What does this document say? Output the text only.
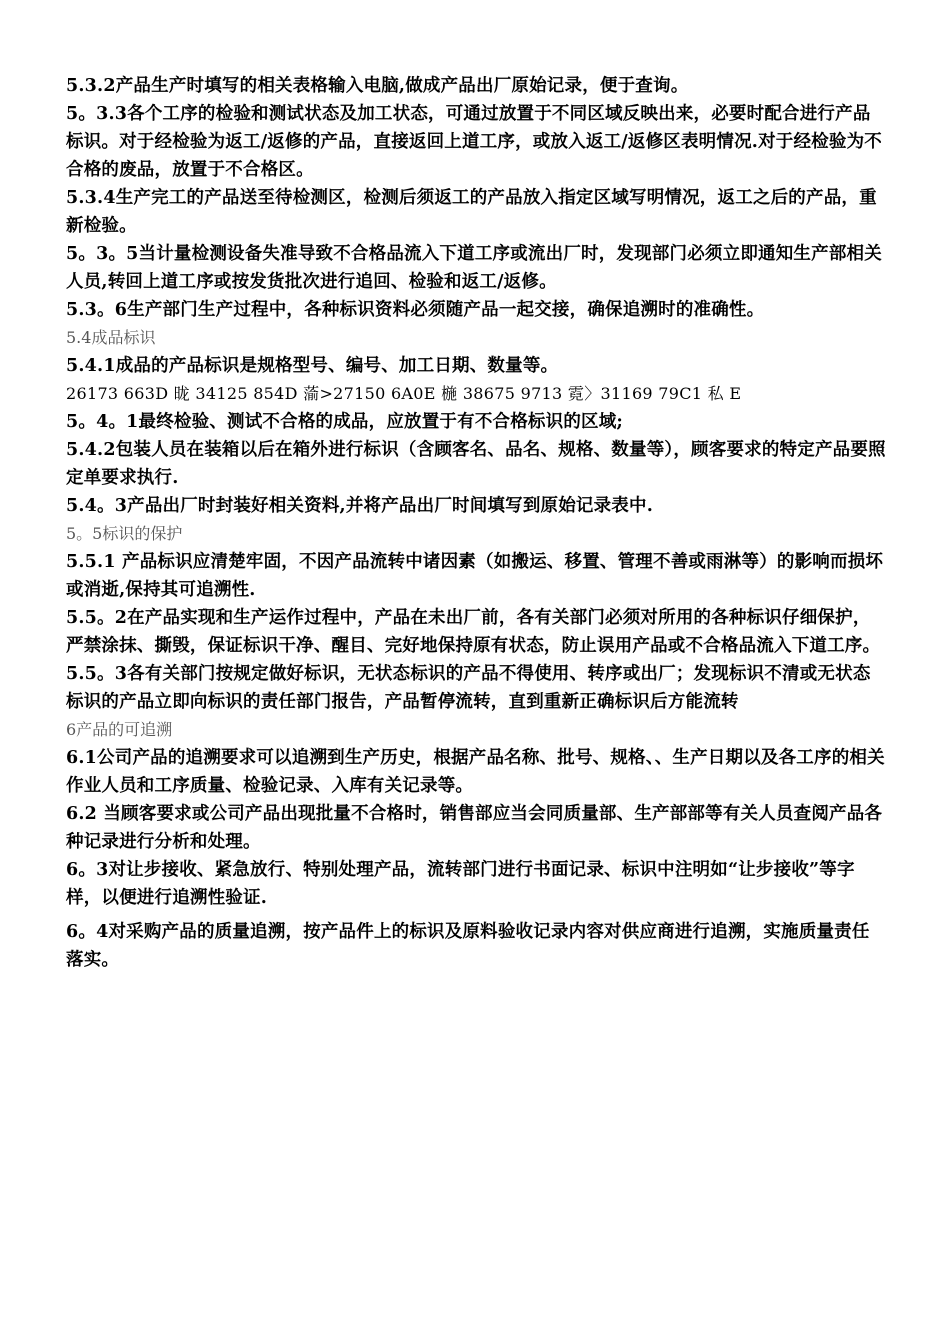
5.3.2产品生产时填写的相关表格输入电脑,做成产品出厂原始记录，便于查询。

5。3.3各个工序的检验和测试状态及加工状态，可通过放置于不同区域反映出来，必要时配合进行产品标识。对于经检验为返工/返修的产品，直接返回上道工序，或放入返工/返修区表明情况.对于经检验为不合格的废品，放置于不合格区。

5.3.4生产完工的产品送至待检测区，检测后须返工的产品放入指定区域写明情况，返工之后的产品，重新检验。

5。3。5当计量检测设备失准导致不合格品流入下道工序或流出厂时，发现部门必须立即通知生产部相关人员,转回上道工序或按发货批次进行追回、检验和返工/返修。

5.3。6生产部门生产过程中，各种标识资料必须随产品一起交接，确保追溯时的准确性。

5.4成品标识

5.4.1成品的产品标识是规格型号、编号、加工日期、数量等。

26173 663D 昽 34125 854D 蕍>27150 6A0E 椸 38675 9713 霓〉31169 79C1 私 E

5。4。1最终检验、测试不合格的成品，应放置于有不合格标识的区域;

5.4.2包装人员在装箱以后在箱外进行标识（含顾客名、品名、规格、数量等），顾客要求的特定产品要照定单要求执行.

5.4。3产品出厂时封装好相关资料,并将产品出厂时间填写到原始记录表中.

5。5标识的保护

5.5.1 产品标识应清楚牢固，不因产品流转中诸因素（如搬运、移置、管理不善或雨淋等）的影响而损坏或消逝,保持其可追溯性.

5.5。2在产品实现和生产运作过程中，产品在未出厂前，各有关部门必须对所用的各种标识仔细保护，严禁涂抹、撕毁，保证标识干净、醒目、完好地保持原有状态，防止误用产品或不合格品流入下道工序。

5.5。3各有关部门按规定做好标识，无状态标识的产品不得使用、转序或出厂；发现标识不清或无状态标识的产品立即向标识的责任部门报告，产品暂停流转，直到重新正确标识后方能流转

6产品的可追溯

6.1公司产品的追溯要求可以追溯到生产历史，根据产品名称、批号、规格、、生产日期以及各工序的相关作业人员和工序质量、检验记录、入库有关记录等。

6.2 当顾客要求或公司产品出现批量不合格时，销售部应当会同质量部、生产部部等有关人员查阅产品各种记录进行分析和处理。

6。3对让步接收、紧急放行、特别处理产品，流转部门进行书面记录、标识中注明如“让步接收”等字样，以便进行追溯性验证.

6。4对采购产品的质量追溯，按产品件上的标识及原料验收记录内容对供应商进行追溯，实施质量责任落实。
